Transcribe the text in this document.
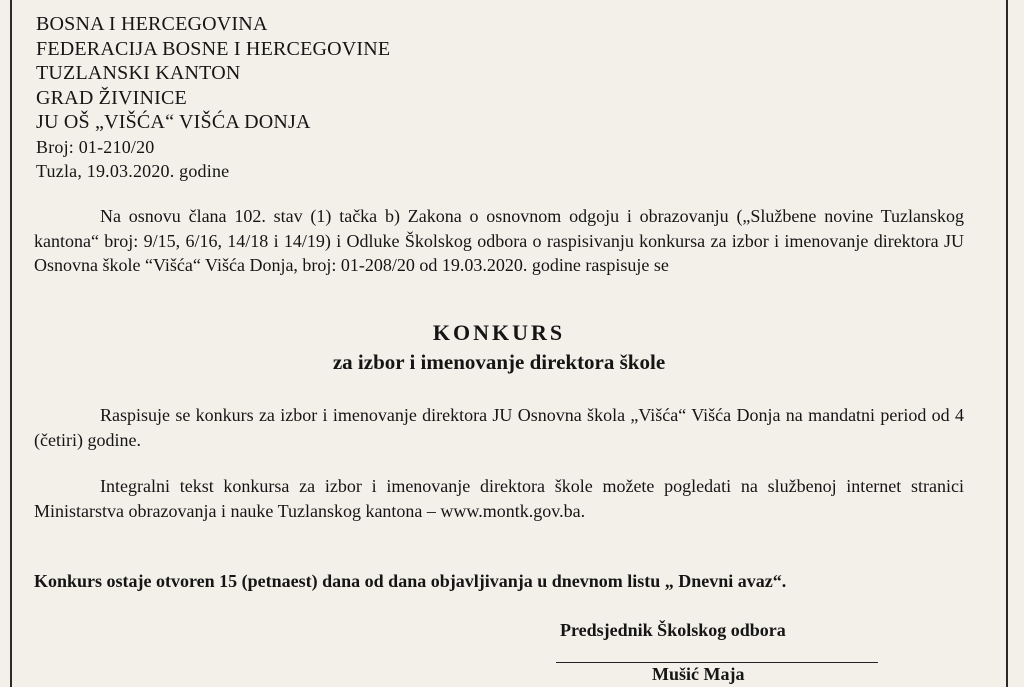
BOSNA I HERCEGOVINA
FEDERACIJA BOSNE I HERCEGOVINE
TUZLANSKI KANTON
GRAD ŽIVINICE
JU OŠ „VIŠĆA“ VIŠĆA DONJA
Broj: 01-210/20
Tuzla, 19.03.2020. godine
Na osnovu člana 102. stav (1) tačka b) Zakona o osnovnom odgoju i obrazovanju („Službene novine Tuzlanskog kantona“ broj: 9/15, 6/16, 14/18 i 14/19) i Odluke Školskog odbora o raspisivanju konkursa za izbor i imenovanje direktora JU Osnovna škole “Višća“ Višća Donja, broj: 01-208/20 od 19.03.2020. godine raspisuje se
KONKURS
za izbor i imenovanje direktora škole
Raspisuje se konkurs za izbor i imenovanje direktora JU Osnovna škola „Višća“ Višća Donja na mandatni period od 4 (četiri) godine.
Integralni tekst konkursa za izbor i imenovanje direktora škole možete pogledati na službenoj internet stranici Ministarstva obrazovanja i nauke Tuzlanskog kantona – www.montk.gov.ba.
Konkurs ostaje otvoren 15 (petnaest) dana od dana objavljivanja u dnevnom listu „ Dnevni avaz“.
Predsjednik Školskog odbora
Mušić Maja
